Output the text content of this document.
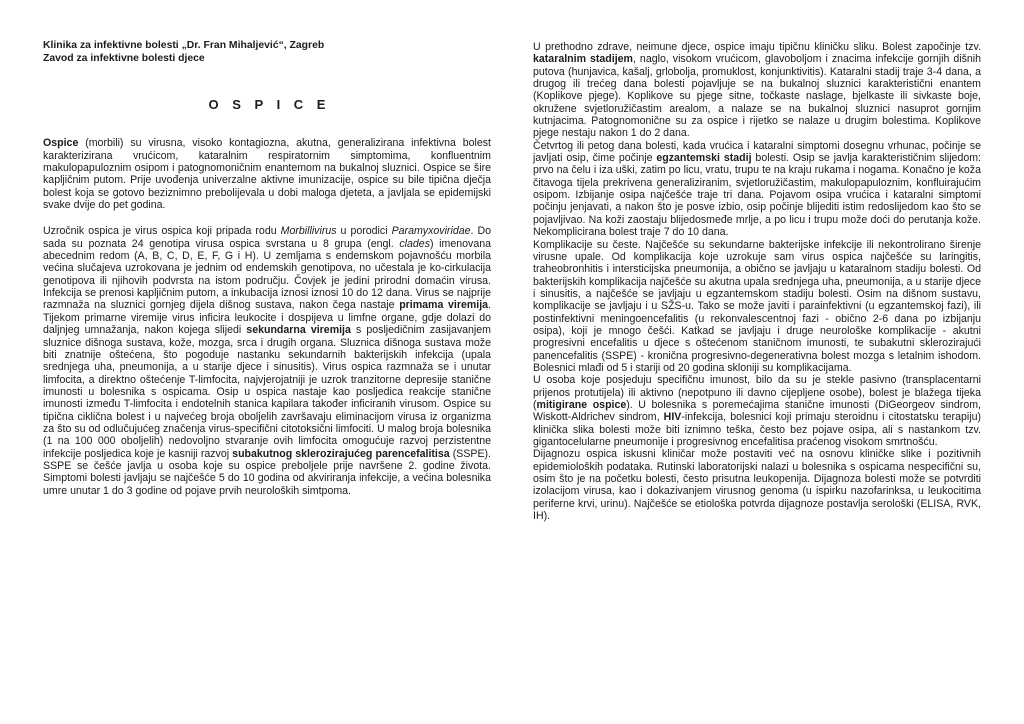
Klinika za infektivne bolesti „Dr. Fran Mihaljević“, Zagreb
Zavod za infektivne bolesti djece
O S P I C E

Ospice (morbili) su virusna, visoko kontagiozna, akutna, generalizirana infektivna bolest karakterizirana vrućicom, kataralnim respiratornim simptomima, konfluentnim makulopapuloznim osipom i patognomoničnim enantemom na bukalnoj sluznici. Ospice se šire kapljičnim putom. Prije uvođenja univerzalne aktivne imunizacije, ospice su bile tipična dječja bolest koja se gotovo beziznimno prebolijevala u dobi maloga djeteta, a javljala se epidemijski svake dvije do pet godina.

Uzročnik ospica je virus ospica koji pripada rodu Morbillivirus u porodici Paramyxoviridae. Do sada su poznata 24 genotipa virusa ospica svrstana u 8 grupa (engl. clades) imenovana abecednim redom (A, B, C, D, E, F, G i H). U zemljama s endemskom pojavnošću morbila većina slučajeva uzrokovana je jednim od endemskih genotipova, no učestala je ko-cirkulacija genotipova ili njihovih podvrsta na istom području. Čovjek je jedini prirodni domaćin virusa. Infekcija se prenosi kapljičnim putom, a inkubacija iznosi iznosi 10 do 12 dana. Virus se najprije razmnaža na sluznici gornjeg dijela dišnog sustava, nakon čega nastaje primama viremija. Tijekom primarne viremije virus inficira leukocite i dospijeva u limfne organe, gdje dolazi do daljnjeg umnažanja, nakon kojega slijedi sekundarna viremija s posljedičnim zasijavanjem sluznice dišnoga sustava, kože, mozga, srca i drugih organa. Sluznica dišnoga sustava može biti znatnije oštećena, što pogoduje nastanku sekundarnih bakterijskih infekcija (upala srednjega uha, pneumonija, a u starije djece i sinusitis). Virus ospica razmnaža se i unutar limfocita, a direktno oštećenje T-limfocita, najvjerojatniji je uzrok tranzitorne depresije stanične imunosti u bolesnika s ospicama. Osip u ospica nastaje kao posljedica reakcije stanične imunosti između T-limfocita i endotelnih stanica kapilara također inficiranih virusom. Ospice su tipična ciklična bolest i u najvećeg broja oboljelih završavaju eliminacijom virusa iz organizma za što su od odlučujućeg značenja virus-specifični citotoksični limfociti. U malog broja bolesnika (1 na 100 000 oboljelih) nedovoljno stvaranje ovih limfocita omogućuje razvoj perzistentne infekcije posljedica koje je kasniji razvoj subakutnog sklerozirajućeg parencefalitisa (SSPE). SSPE se češće javlja u osoba koje su ospice preboljele prije navršene 2. godine života. Simptomi bolesti javljaju se najčešće 5 do 10 godina od akviriranja infekcije, a većina bolesnika umre unutar 1 do 3 godine od pojave prvih neuroloških simtpoma.

U prethodno zdrave, neimune djece, ospice imaju tipičnu kliničku sliku. Bolest započinje tzv. kataralnim stadijem, naglo, visokom vrućicom, glavoboljom i znacima infekcije gornjih dišnih putova (hunjavica, kašalj, grlobolja, promuklost, konjunktivitis). Kataralni stadij traje 3-4 dana, a drugog ili trećeg dana bolesti pojavljuje se na bukalnoj sluznici karakteristični enantem (Koplikove pjege). Koplikove su pjege sitne, točkaste naslage, bjelkaste ili sivkaste boje, okružene svjetloružičastim arealom, a nalaze se na bukalnoj sluznici nasuprot gornjim kutnjacima. Patognomonične su za ospice i rijetko se nalaze u drugim bolestima. Koplikove pjege nestaju nakon 1 do 2 dana.

Četvrtog ili petog dana bolesti, kada vrućica i kataralni simptomi dosegnu vrhunac, počinje se javljati osip, čime počinje egzantemski stadij bolesti. Osip se javlja karakterističnim slijedom: prvo na čelu i iza uški, zatim po licu, vratu, trupu te na kraju rukama i nogama. Konačno je koža čitavoga tijela prekrivena generaliziranim, svjetloružičastim, makulopapuloznim, konfluirajućim osipom. Izbijanje osipa najčešće traje tri dana. Pojavom osipa vrućica i kataralni simptomi počinju jenjavati, a nakon što je posve izbio, osip počinje blijediti istim redoslijedom kao što se pojavljivao. Na koži zaostaju blijedosmeđe mrlje, a po licu i trupu može doći do perutanja kože. Nekomplicirana bolest traje 7 do 10 dana.

Komplikacije su česte. Najčešće su sekundarne bakterijske infekcije ili nekontrolirano širenje virusne upale. Od komplikacija koje uzrokuje sam virus ospica najčešće su laringitis, traheobronhitis i intersticijska pneumonija, a obično se javljaju u kataralnom stadiju bolesti. Od bakterijskih komplikacija najčešće su akutna upala srednjega uha, pneumonija, a u starije djece i sinusitis, a najčešće se javljaju u egzantemskom stadiju bolesti. Osim na dišnom sustavu, komplikacije se javljaju i u SŽS-u. Tako se može javiti i parainfektivni (u egzantemskoj fazi), ili postinfektivni meningoencefalitis (u rekonvalescentnoj fazi - obično 2-6 dana po izbijanju osipa), koji je mnogo češći. Katkad se javljaju i druge neurološke komplikacije - akutni progresivni encefalitis u djece s oštećenom staničnom imunosti, te subakutni sklerozirajući panencefalitis (SSPE) - kronična progresivno-degenerativna bolest mozga s letalnim ishodom. Bolesnici mlađi od 5 i stariji od 20 godina skloniji su komplikacijama.

U osoba koje posjeduju specifičnu imunost, bilo da su je stekle pasivno (transplacentarni prijenos protutijela) ili aktivno (nepotpuno ili davno cijepljene osobe), bolest je blažega tijeka (mitigirane ospice). U bolesnika s poremećajima stanične imunosti (DiGeorgeov sindrom, Wiskott-Aldrichev sindrom, HIV-infekcija, bolesnici koji primaju steroidnu i citostatsku terapiju) klinička slika bolesti može biti iznimno teška, često bez pojave osipa, ali s nastankom tzv. gigantocelularne pneumonije i progresivnog encefalitisa praćenog visokom smrtnošću.

Dijagnozu ospica iskusni kliničar može postaviti već na osnovu kliničke slike i pozitivnih epidemioloških podataka. Rutinski laboratorijski nalazi u bolesnika s ospicama nespecifični su, osim što je na početku bolesti, često prisutna leukopenija. Dijagnoza bolesti može se potvrditi izolacijom virusa, kao i dokazivanjem virusnog genoma (u ispirku nazofarinksa, u leukocitima periferne krvi, urinu). Najčešće se etiološka potvrda dijagnoze postavlja serološki (ELISA, RVK, IH).
